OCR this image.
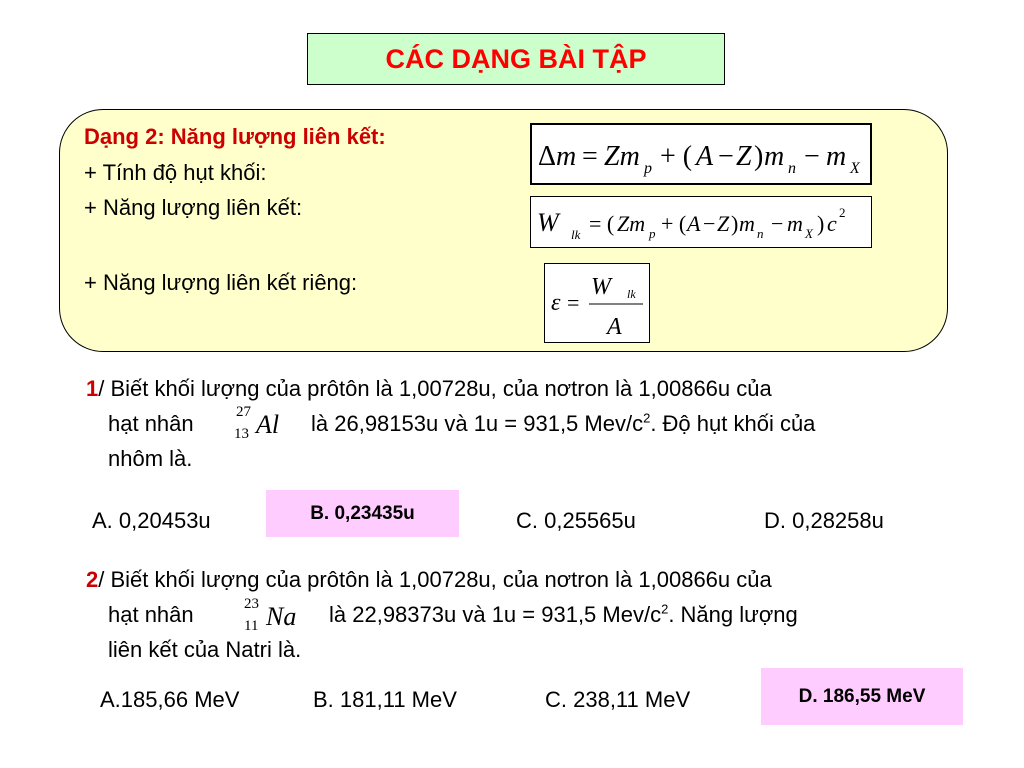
CÁC DẠNG BÀI TẬP
Dạng 2: Năng lượng liên kết:
+ Tính độ hụt khối:
+ Năng lượng liên kết:
+ Năng lượng liên kết riêng:
Δ m = Zm p + ( A − Z ) m n − m X
W lk = ( Zm p + ( A − Z ) m n − m X ) c 2
ε =
W lk
A
1/ Biết khối lượng của prôtôn là 1,00728u, của nơtron là 1,00866u của
hạt nhân	27
13 Al là 26,98153u và 1u = 931,5 Mev/$c^2$. Độ hụt khối của
nhôm là.
A. 0,20453u	B. 0,23435u	C. 0,25565u	D. 0,28258u
2/ Biết khối lượng của prôtôn là 1,00728u, của nơtron là 1,00866u của
hạt nhân	23
11 Na là 22,98373u và 1u = 931,5 Mev/$c^2$. Năng lượng
liên kết của Natri là.
A.185,66 MeV	B. 181,11 MeV	C. 238,11 MeV	D. 186,55 MeV
